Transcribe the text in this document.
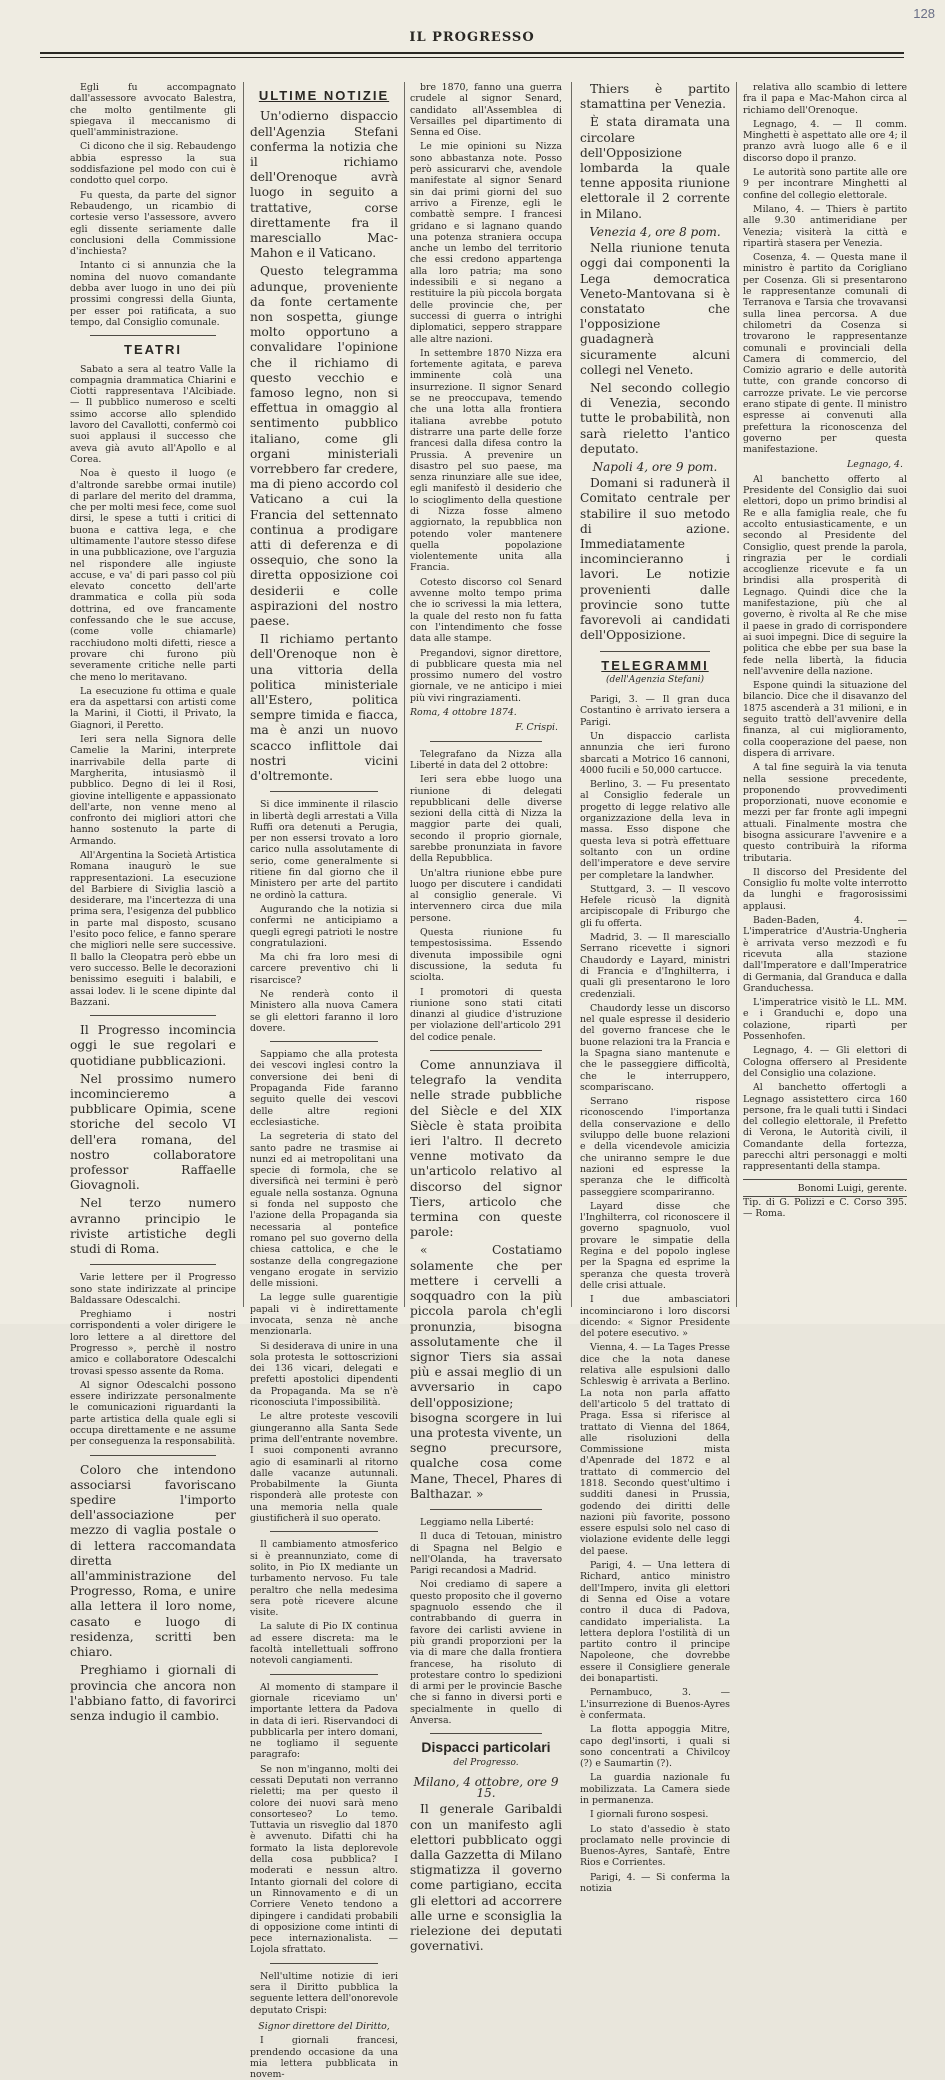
128
IL PROGRESSO

Egli fu accompagnato dall'assessore avvocato Balestra, che molto gentilmente gli spiegava il meccanismo di quell'amministrazione.

Ci dicono che il sig. Rebaudengo abbia espresso la sua soddisfazione pel modo con cui è condotto quel corpo.

Fu questa, da parte del signor Rebaudengo, un ricambio di cortesie verso l'assessore, avvero egli dissente seriamente dalle conclusioni della Commissione d'inchiesta?

Intanto ci si annunzia che la nomina del nuovo comandante debba aver luogo in uno dei più prossimi congressi della Giunta, per esser poi ratificata, a suo tempo, dal Consiglio comunale.

TEATRI

Sabato a sera al teatro Valle la compagnia drammatica Chiarini e Ciotti rappresentava l'Alcibiade. — Il pubblico numeroso e scelti ssimo accorse allo splendido lavoro del Cavallotti, confermò coi suoi applausi il successo che aveva già avuto all'Apollo e al Corea.

Noa è questo il luogo (e d'altronde sarebbe ormai inutile) di parlare del merito del dramma, che per molti mesi fece, come suol dirsi, le spese a tutti i critici di buona e cattiva lega, e che ultimamente l'autore stesso difese in una pubblicazione, ove l'arguzia nel rispondere alle ingiuste accuse, e va' di pari passo col più elevato concetto dell'arte drammatica e colla più soda dottrina, ed ove francamente confessando che le sue accuse, (come volle chiamarle) racchiudono molti difetti, riesce a provare chi furono più severamente critiche nelle parti che meno lo meritavano.

La esecuzione fu ottima e quale era da aspettarsi con artisti come la Marini, il Ciotti, il Privato, la Giagnori, il Peretto.

Ieri sera nella Signora delle Camelie la Marini, interprete inarrivabile della parte di Margherita, intusiasmò il pubblico. Degno di lei il Rosi, giovine intelligente e appassionato dell'arte, non venne meno al confronto dei migliori attori che hanno sostenuto la parte di Armando.

All'Argentina la Società Artistica Romana inaugurò le sue rappresentazioni. La esecuzione del Barbiere di Siviglia lasciò a desiderare, ma l'incertezza di una prima sera, l'esigenza del pubblico in parte mal disposto, scusano l'esito poco felice, e fanno sperare che migliori nelle sere successive. Il ballo la Cleopatra però ebbe un vero successo. Belle le decorazioni benissimo eseguiti i balabili, e assai lodev. li le scene dipinte dal Bazzani.

Il Progresso incomincia oggi le sue regolari e quotidiane pubblicazioni.

Nel prossimo numero incomincieremo a pubblicare Opimia, scene storiche del secolo VI dell'era romana, del nostro collaboratore professor Raffaelle Giovagnoli.

Nel terzo numero avranno principio le riviste artistiche degli studi di Roma.

Varie lettere per il Progresso sono state indirizzate al principe Baldassare Odescalchi.

Preghiamo i nostri corrispondenti a voler dirigere le loro lettere a al direttore del Progresso », perchè il nostro amico e collaboratore Odescalchi trovasi spesso assente da Roma.

Al signor Odescalchi possono essere indirizzate personalmente le comunicazioni riguardanti la parte artistica della quale egli si occupa direttamente e ne assume per conseguenza la responsabilità.

Coloro che intendono associarsi favoriscano spedire l'importo dell'associazione per mezzo di vaglia postale o di lettera raccomandata diretta all'amministrazione del Progresso, Roma, e unire alla lettera il loro nome, casato e luogo di residenza, scritti ben chiaro.

Preghiamo i giornali di provincia che ancora non l'abbiano fatto, di favorirci senza indugio il cambio.

ULTIME NOTIZIE

Un'odierno dispaccio dell'Agenzia Stefani conferma la notizia che il richiamo dell'Orenoque avrà luogo in seguito a trattative, corse direttamente fra il maresciallo Mac-Mahon e il Vaticano.

Questo telegramma adunque, proveniente da fonte certamente non sospetta, giunge molto opportuno a convalidare l'opinione che il richiamo di questo vecchio e famoso legno, non si effettua in omaggio al sentimento pubblico italiano, come gli organi ministeriali vorrebbero far credere, ma di pieno accordo col Vaticano a cui la Francia del settennato continua a prodigare atti di deferenza e di ossequio, che sono la diretta opposizione coi desiderii e colle aspirazioni del nostro paese.

Il richiamo pertanto dell'Orenoque non è una vittoria della politica ministeriale all'Estero, politica sempre timida e fiacca, ma è anzi un nuovo scacco inflittole dai nostri vicini d'oltremonte.

Si dice imminente il rilascio in libertà degli arrestati a Villa Ruffi ora detenuti a Perugia, per non essersi trovato a loro carico nulla assolutamente di serio, come generalmente si ritiene fin dal giorno che il Ministero per arte del partito ne ordinò la cattura.

Augurando che la notizia si confermi ne anticipiamo a quegli egregi patrioti le nostre congratulazioni.

Ma chi fra loro mesi di carcere preventivo chi li risarcisce?

Ne renderà conto il Ministero alla nuova Camera se gli elettori faranno il loro dovere.

Sappiamo che alla protesta dei vescovi inglesi contro la conversione dei beni di Propaganda Fide faranno seguito quelle dei vescovi delle altre regioni ecclesiastiche.

La segreteria di stato del santo padre ne trasmise ai nunzi ed ai metropolitani una specie di formola, che se diversificà nei termini è però eguale nella sostanza. Ognuna si fonda nel supposto che l'azione della Propaganda sia necessaria al pontefice romano pel suo governo della chiesa cattolica, e che le sostanze della congregazione vengano erogate in servizio delle missioni.

La legge sulle guarentigie papali vi è indirettamente invocata, senza nè anche menzionarla.

Si desiderava di unire in una sola protesta le sottoscrizioni dei 136 vicari, delegati e prefetti apostolici dipendenti da Propaganda. Ma se n'è riconosciuta l'impossibilità.

Le altre proteste vescovili giungeranno alla Santa Sede prima dell'entrante novembre. I suoi componenti avranno agio di esaminarli al ritorno dalle vacanze autunnali. Probabilmente la Giunta risponderà alle proteste con una memoria nella quale giustificherà il suo operato.

Il cambiamento atmosferico si è preannunziato, come di solito, in Pio IX mediante un turbamento nervoso. Fu tale peraltro che nella medesima sera potè ricevere alcune visite.

La salute di Pio IX continua ad essere discreta: ma le facoltà intellettuali soffrono notevoli cangiamenti.

Al momento di stampare il giornale riceviamo un' importante lettera da Padova in data di ieri. Riservandoci di pubblicarla per intero domani, ne togliamo il seguente paragrafo:

Se non m'inganno, molti dei cessati Deputati non verranno rieletti; ma per questo il colore dei nuovi sarà meno consorteseo? Lo temo. Tuttavia un risveglio dal 1870 è avvenuto. Difatti chi ha formato la lista deplorevole della cosa pubblica? I moderati e nessun altro. Intanto giornali del colore di un Rinnovamento e di un Corriere Veneto tendono a dipingere i candidati probabili di opposizione come intinti di pece internazionalista. — Lojola sfrattato.

Nell'ultime notizie di ieri sera il Diritto pubblica la seguente lettera dell'onorevole deputato Crispi:

Signor direttore del Diritto,

I giornali francesi, prendendo occasione da una mia lettera pubblicata in novem-

bre 1870, fanno una guerra crudele al signor Senard, candidato all'Assemblea di Versailles pel dipartimento di Senna ed Oise.

Le mie opinioni su Nizza sono abbastanza note. Posso però assicurarvi che, avendole manifestate al signor Senard sin dai primi giorni del suo arrivo a Firenze, egli le combattè sempre. I francesi gridano e si lagnano quando una potenza straniera occupa anche un lembo del territorio che essi credono appartenga alla loro patria; ma sono indessibili e si negano a restituire la più piccola borgata delle provincie che, per successi di guerra o intrighi diplomatici, seppero strappare alle altre nazioni.

In settembre 1870 Nizza era fortemente agitata, e pareva imminente colà una insurrezione. Il signor Senard se ne preoccupava, temendo che una lotta alla frontiera italiana avrebbe potuto distrarre una parte delle forze francesi dalla difesa contro la Prussia. A prevenire un disastro pel suo paese, ma senza rinunziare alle sue idee, egli manifestò il desiderio che lo scioglimento della questione di Nizza fosse almeno aggiornato, la repubblica non potendo voler mantenere quella popolazione violentemente unita alla Francia.

Cotesto discorso col Senard avvenne molto tempo prima che io scrivessi la mia lettera, la quale del resto non fu fatta con l'intendimento che fosse data alle stampe.

Pregandovi, signor direttore, di pubblicare questa mia nel prossimo numero del vostro giornale, ve ne anticipo i miei più vivi ringraziamenti.

Roma, 4 ottobre 1874.
F. Crispi.

Telegrafano da Nizza alla Liberté in data del 2 ottobre:

Ieri sera ebbe luogo una riunione di delegati repubblicani delle diverse sezioni della città di Nizza la maggior parte dei quali, secondo il proprio giornale, sarebbe pronunziata in favore della Repubblica.

Un'altra riunione ebbe pure luogo per discutere i candidati al consiglio generale. Vi intervennero circa due mila persone.

Questa riunione fu tempestosissima. Essendo divenuta impossibile ogni discussione, la seduta fu sciolta.

I promotori di questa riunione sono stati citati dinanzi al giudice d'istruzione per violazione dell'articolo 291 del codice penale.

Come annunziava il telegrafo la vendita nelle strade pubbliche del Siècle e del XIX Siècle è stata proibita ieri l'altro. Il decreto venne motivato da un'articolo relativo al discorso del signor Tiers, articolo che termina con queste parole:

« Costatiamo solamente che per mettere i cervelli a soqquadro con la più piccola parola ch'egli pronunzia, bisogna assolutamente che il signor Tiers sia assai più e assai meglio di un avversario in capo dell'opposizione; bisogna scorgere in lui una protesta vivente, un segno precursore, qualche cosa come Mane, Thecel, Phares di Balthazar. »

Leggiamo nella Liberté:

Il duca di Tetouan, ministro di Spagna nel Belgio e nell'Olanda, ha traversato Parigi recandosi a Madrid.

Noi crediamo di sapere a questo proposito che il governo spagnuolo essendo che il contrabbando di guerra in favore dei carlisti avviene in più grandi proporzioni per la via di mare che dalla frontiera francese, ha risoluto di protestare contro lo spedizioni di armi per le provincie Basche che si fanno in diversi porti e specialmente in quello di Anversa.

Dispacci particolari
del Progresso.
Milano, 4 ottobre, ore 9 15.

Il generale Garibaldi con un manifesto agli elettori pubblicato oggi dalla Gazzetta di Milano stigmatizza il governo come partigiano, eccita gli elettori ad accorrere alle urne e sconsiglia la rielezione dei deputati governativi.

Thiers è partito stamattina per Venezia.

È stata diramata una circolare dell'Opposizione lombarda la quale tenne apposita riunione elettorale il 2 corrente in Milano.

Venezia 4, ore 8 pom.

Nella riunione tenuta oggi dai componenti la Lega democratica Veneto-Mantovana si è constatato che l'opposizione guadagnerà sicuramente alcuni collegi nel Veneto.

Nel secondo collegio di Venezia, secondo tutte le probabilità, non sarà rieletto l'antico deputato.

Napoli 4, ore 9 pom.

Domani si radunerà il Comitato centrale per stabilire il suo metodo di azione. Immediatamente incomincieranno i lavori. Le notizie provenienti dalle provincie sono tutte favorevoli ai candidati dell'Opposizione.

TELEGRAMMI
(dell'Agenzia Stefani)

Parigi, 3. — Il gran duca Costantino è arrivato iersera a Parigi.

Un dispaccio carlista annunzia che ieri furono sbarcati a Motrico 16 cannoni, 4000 fucili e 50,000 cartucce.

Berlino, 3. — Fu presentato al Consiglio federale un progetto di legge relativo alle organizzazione della leva in massa. Esso dispone che questa leva si potrà effettuare soltanto con un ordine dell'imperatore e deve servire per completare la landwher.

Stuttgard, 3. — Il vescovo Hefele ricusò la dignità arcipiscopale di Friburgo che gli fu offerta.

Madrid, 3. — Il maresciallo Serrano ricevette i signori Chaudordy e Layard, ministri di Francia e d'Inghilterra, i quali gli presentarono le loro credenziali.

Chaudordy lesse un discorso nel quale espresse il desiderio del governo francese che le buone relazioni tra la Francia e la Spagna siano mantenute e che le passeggiere difficoltà, che le interruppero, scompariscano.

Serrano rispose riconoscendo l'importanza della conservazione e dello sviluppo delle buone relazioni e della vicendevole amicizia che uniranno sempre le due nazioni ed espresse la speranza che le difficoltà passeggiere scompariranno.

Layard disse che l'Inghilterra, col riconoscere il governo spagnuolo, vuol provare le simpatie della Regina e del popolo inglese per la Spagna ed esprime la speranza che questa troverà delle crisi attuale.

I due ambasciatori incominciarono i loro discorsi dicendo: « Signor Presidente del potere esecutivo. »

Vienna, 4. — La Tages Presse dice che la nota danese relativa alle espulsioni dallo Schleswig è arrivata a Berlino. La nota non parla affatto dell'articolo 5 del trattato di Praga. Essa si riferisce al trattato di Vienna del 1864, alle risoluzioni della Commissione mista d'Apenrade del 1872 e al trattato di commercio del 1818. Secondo quest'ultimo i sudditi danesi in Prussia, godendo dei diritti delle nazioni più favorite, possono essere espulsi solo nel caso di violazione evidente delle leggi del paese.

Parigi, 4. — Una lettera di Richard, antico ministro dell'Impero, invita gli elettori di Senna ed Oise a votare contro il duca di Padova, candidato imperialista. La lettera deplora l'ostilità di un partito contro il principe Napoleone, che dovrebbe essere il Consigliere generale dei bonapartisti.

Pernambuco, 3. — L'insurrezione di Buenos-Ayres è confermata.

La flotta appoggia Mitre, capo degl'insorti, i quali si sono concentrati a Chivilcoy (?) e Saumartin (?).

La guardia nazionale fu mobilizzata. La Camera siede in permanenza.

I giornali furono sospesi.

Lo stato d'assedio è stato proclamato nelle provincie di Buenos-Ayres, Santafè, Entre Rios e Corrientes.

Parigi, 4. — Si conferma la notizia

relativa allo scambio di lettere fra il papa e Mac-Mahon circa al richiamo dell'Orenoque.

Legnago, 4. — Il comm. Minghetti è aspettato alle ore 4; il pranzo avrà luogo alle 6 e il discorso dopo il pranzo.

Le autorità sono partite alle ore 9 per incontrare Minghetti al confine del collegio elettorale.

Milano, 4. — Thiers è partito alle 9.30 antimeridiane per Venezia; visiterà la città e ripartirà stasera per Venezia.

Cosenza, 4. — Questa mane il ministro è partito da Corigliano per Cosenza. Gli si presentarono le rappresentanze comunali di Terranova e Tarsia che trovavansi sulla linea percorsa. A due chilometri da Cosenza si trovarono le rappresentanze comunali e provinciali della Camera di commercio, del Comizio agrario e delle autorità tutte, con grande concorso di carrozze private. Le vie percorse erano stipate di gente. Il ministro espresse ai convenuti alla prefettura la riconoscenza del governo per questa manifestazione.

Legnago, 4.

Al banchetto offerto al Presidente del Consiglio dai suoi elettori, dopo un primo brindisi al Re e alla famiglia reale, che fu accolto entusiasticamente, e un secondo al Presidente del Consiglio, quest prende la parola, ringrazia per le cordiali accoglienze ricevute e fa un brindisi alla prosperità di Legnago. Quindi dice che la manifestazione, più che al governo, è rivolta al Re che mise il paese in grado di corrispondere ai suoi impegni. Dice di seguire la politica che ebbe per sua base la fede nella libertà, la fiducia nell'avvenire della nazione.

Espone quindi la situazione del bilancio. Dice che il disavanzo del 1875 ascenderà a 31 milioni, e in seguito trattò dell'avvenire della finanza, al cui miglioramento, colla cooperazione del paese, non dispera di arrivare.

A tal fine seguirà la via tenuta nella sessione precedente, proponendo provvedimenti proporzionati, nuove economie e mezzi per far fronte agli impegni attuali. Finalmente mostra che bisogna assicurare l'avvenire e a questo contribuirà la riforma tributaria.

Il discorso del Presidente del Consiglio fu molte volte interrotto da lunghi e fragorosissimi applausi.

Baden-Baden, 4. — L'imperatrice d'Austria-Ungheria è arrivata verso mezzodì e fu ricevuta alla stazione dall'Imperatore e dall'Imperatrice di Germania, dal Granduca e dalla Granduchessa.

L'imperatrice visitò le LL. MM. e i Granduchi e, dopo una colazione, ripartì per Possenhofen.

Legnago, 4. — Gli elettori di Cologna offersero al Presidente del Consiglio una colazione.

Al banchetto offertogli a Legnago assistettero circa 160 persone, fra le quali tutti i Sindaci del collegio elettorale, il Prefetto di Verona, le Autorità civili, il Comandante della fortezza, parecchi altri personaggi e molti rappresentanti della stampa.

Bonomi Luigi, gerente.
Tip. di G. Polizzi e C. Corso 395. — Roma.
